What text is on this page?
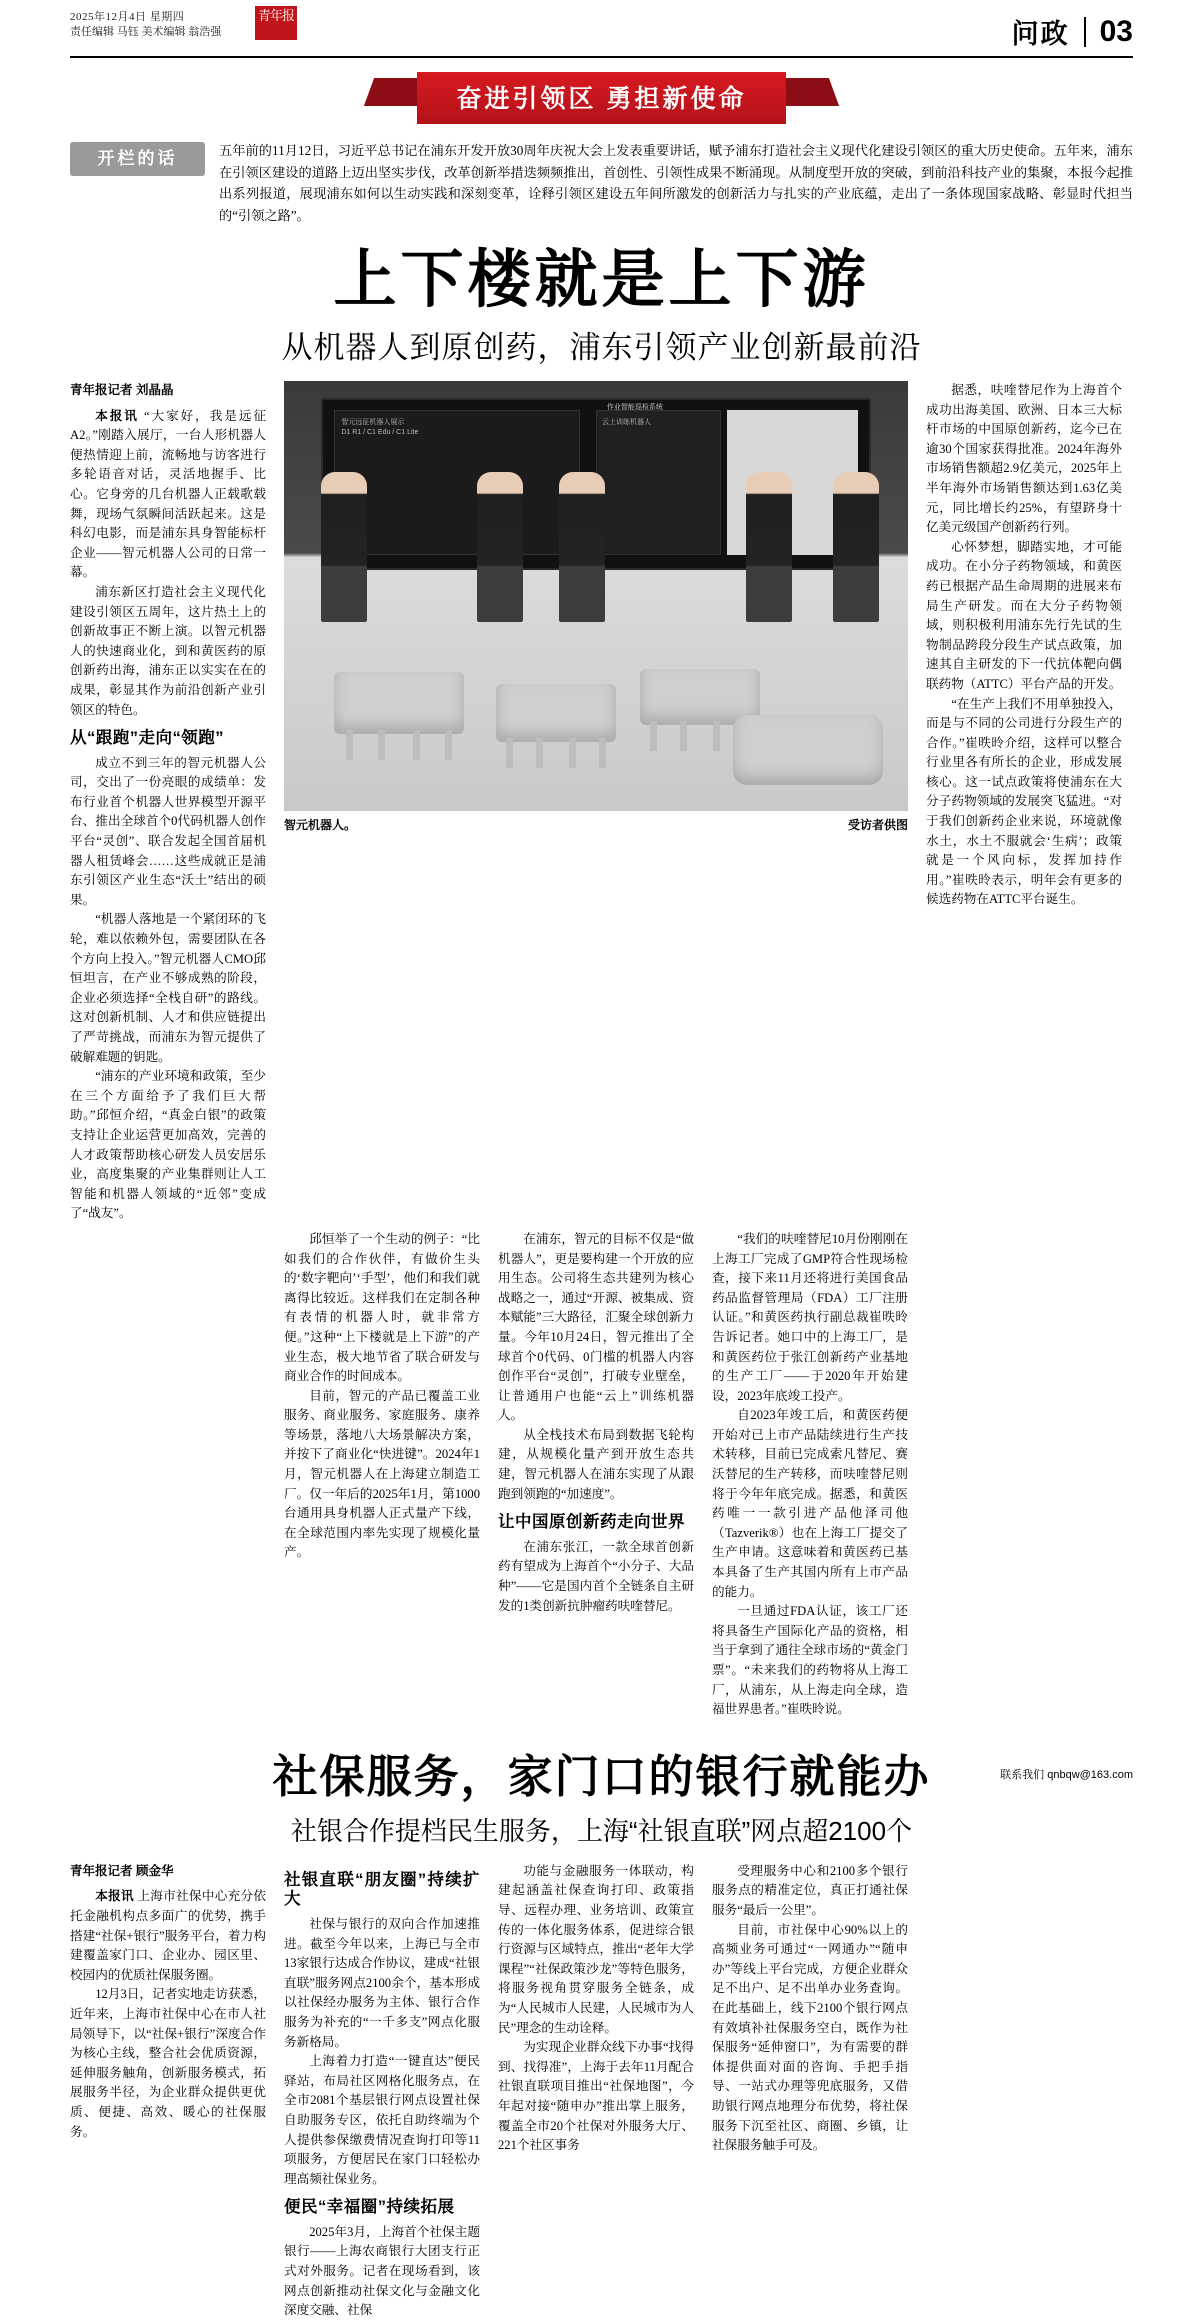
2025年12月4日 星期四
责任编辑 马钰 美术编辑 翁浩强
青年报
问政 03
奋进引领区 勇担新使命
开栏的话	五年前的11月12日，习近平总书记在浦东开发开放30周年庆祝大会上发表重要讲话，赋予浦东打造社会主义现代化建设引领区的重大历史使命。五年来，浦东在引领区建设的道路上迈出坚实步伐，改革创新举措迭频频推出，首创性、引领性成果不断涌现。从制度型开放的突破，到前沿科技产业的集聚，本报今起推出系列报道，展现浦东如何以生动实践和深刻变革，诠释引领区建设五年间所激发的创新活力与扎实的产业底蕴，走出了一条体现国家战略、彰显时代担当的“引领之路”。

上下楼就是上下游
从机器人到原创药，浦东引领产业创新最前沿
青年报记者 刘晶晶

本报讯 “大家好，我是远征A2。”刚踏入展厅，一台人形机器人便热情迎上前，流畅地与访客进行多轮语音对话，灵活地握手、比心。它身旁的几台机器人正载歌载舞，现场气氛瞬间活跃起来。这是科幻电影，而是浦东具身智能标杆企业——智元机器人公司的日常一幕。

浦东新区打造社会主义现代化建设引领区五周年，这片热土上的创新故事正不断上演。以智元机器人的快速商业化，到和黄医药的原创新药出海，浦东正以实实在在的成果，彰显其作为前沿创新产业引领区的特色。

从“跟跑”走向“领跑”

成立不到三年的智元机器人公司，交出了一份亮眼的成绩单：发布行业首个机器人世界模型开源平台、推出全球首个0代码机器人创作平台“灵创”、联合发起全国首届机器人租赁峰会……这些成就正是浦东引领区产业生态“沃土”结出的硕果。

“机器人落地是一个紧闭环的飞轮，难以依赖外包，需要团队在各个方向上投入。”智元机器人CMO邱恒坦言，在产业不够成熟的阶段，企业必须选择“全栈自研”的路线。这对创新机制、人才和供应链提出了严苛挑战，而浦东为智元提供了破解难题的钥匙。

“浦东的产业环境和政策，至少在三个方面给予了我们巨大帮助。”邱恒介绍，“真金白银”的政策支持让企业运营更加高效，完善的人才政策帮助核心研发人员安居乐业，高度集聚的产业集群则让人工智能和机器人领域的“近邻”变成了“战友”。

智元远征机器人展示
D1 R1 / C1 Edu / C1 Lite
云上训练机器人
作业智能巡检系统
智元机器人。	受访者供图

据悉，呋喹替尼作为上海首个成功出海美国、欧洲、日本三大标杆市场的中国原创新药，迄今已在逾30个国家获得批准。2024年海外市场销售额超2.9亿美元，2025年上半年海外市场销售额达到1.63亿美元，同比增长约25%，有望跻身十亿美元级国产创新药行列。

心怀梦想，脚踏实地，才可能成功。在小分子药物领域，和黄医药已根据产品生命周期的进展来布局生产研发。而在大分子药物领域，则积极利用浦东先行先试的生物制品跨段分段生产试点政策，加速其自主研发的下一代抗体靶向偶联药物（ATTC）平台产品的开发。

“在生产上我们不用单独投入，而是与不同的公司进行分段生产的合作。”崔昳昤介绍，这样可以整合行业里各有所长的企业，形成发展核心。这一试点政策将使浦东在大分子药物领域的发展突飞猛进。“对于我们创新药企业来说，环境就像水土，水土不服就会‘生病’；政策就是一个风向标，发挥加持作用。”崔昳昤表示，明年会有更多的候选药物在ATTC平台诞生。

邱恒举了一个生动的例子：“比如我们的合作伙伴，有做价生头的‘数字靶向’‘手型’，他们和我们就离得比较近。这样我们在定制各种有表情的机器人时，就非常方便。”这种“上下楼就是上下游”的产业生态，极大地节省了联合研发与商业合作的时间成本。

目前，智元的产品已覆盖工业服务、商业服务、家庭服务、康养等场景，落地八大场景解决方案，并按下了商业化“快进键”。2024年1月，智元机器人在上海建立制造工厂。仅一年后的2025年1月，第1000台通用具身机器人正式量产下线，在全球范围内率先实现了规模化量产。

在浦东，智元的目标不仅是“做机器人”，更是要构建一个开放的应用生态。公司将生态共建列为核心战略之一，通过“开源、被集成、资本赋能”三大路径，汇聚全球创新力量。今年10月24日，智元推出了全球首个0代码、0门槛的机器人内容创作平台“灵创”，打破专业壁垒，让普通用户也能“云上”训练机器人。

从全栈技术布局到数据飞轮构建，从规模化量产到开放生态共建，智元机器人在浦东实现了从跟跑到领跑的“加速度”。

让中国原创新药走向世界

在浦东张江，一款全球首创新药有望成为上海首个“小分子、大品种”——它是国内首个全链条自主研发的1类创新抗肿瘤药呋喹替尼。

“我们的呋喹替尼10月份刚刚在上海工厂完成了GMP符合性现场检查，接下来11月还将进行美国食品药品监督管理局（FDA）工厂注册认证。”和黄医药执行副总裁崔昳昤告诉记者。她口中的上海工厂，是和黄医药位于张江创新药产业基地的生产工厂——于2020年开始建设，2023年底竣工投产。

自2023年竣工后，和黄医药便开始对已上市产品陆续进行生产技术转移，目前已完成索凡替尼、赛沃替尼的生产转移，而呋喹替尼则将于今年年底完成。据悉，和黄医药唯一一款引进产品他泽司他（Tazverik®）也在上海工厂提交了生产申请。这意味着和黄医药已基本具备了生产其国内所有上市产品的能力。

一旦通过FDA认证，该工厂还将具备生产国际化产品的资格，相当于拿到了通往全球市场的“黄金门票”。“未来我们的药物将从上海工厂，从浦东，从上海走向全球，造福世界患者。”崔昳昤说。

社保服务，家门口的银行就能办
社银合作提档民生服务，上海“社银直联”网点超2100个
青年报记者 顾金华

本报讯 上海市社保中心充分依托金融机构点多面广的优势，携手搭建“社保+银行”服务平台，着力构建覆盖家门口、企业办、园区里、校园内的优质社保服务圈。

12月3日，记者实地走访获悉，近年来，上海市社保中心在市人社局领导下，以“社保+银行”深度合作为核心主线，整合社会优质资源，延伸服务触角，创新服务模式，拓展服务半径，为企业群众提供更优质、便捷、高效、暖心的社保服务。

社银直联“朋友圈”持续扩大

社保与银行的双向合作加速推进。截至今年以来，上海已与全市13家银行达成合作协议，建成“社银直联”服务网点2100余个，基本形成以社保经办服务为主体、银行合作服务为补充的“一千多支”网点化服务新格局。

上海着力打造“一键直达”便民驿站，布局社区网格化服务点，在全市2081个基层银行网点设置社保自助服务专区，依托自助终端为个人提供参保缴费情况查询打印等11项服务，方便居民在家门口轻松办理高频社保业务。

便民“幸福圈”持续拓展

2025年3月，上海首个社保主题银行——上海农商银行大团支行正式对外服务。记者在现场看到，该网点创新推动社保文化与金融文化深度交融、社保

功能与金融服务一体联动，构建起涵盖社保查询打印、政策指导、远程办理、业务培训、政策宣传的一体化服务体系，促进综合银行资源与区域特点，推出“老年大学课程”“社保政策沙龙”等特色服务，将服务视角贯穿服务全链条，成为“人民城市人民建，人民城市为人民”理念的生动诠释。

为实现企业群众线下办事“找得到、找得准”，上海于去年11月配合社银直联项目推出“社保地图”，今年起对接“随申办”推出掌上服务，覆盖全市20个社保对外服务大厅、221个社区事务

受理服务中心和2100多个银行服务点的精准定位，真正打通社保服务“最后一公里”。

目前，市社保中心90%以上的高频业务可通过“一网通办”“随申办”等线上平台完成，方便企业群众足不出户、足不出单办业务查询。在此基础上，线下2100个银行网点有效填补社保服务空白，既作为社保服务“延伸窗口”，为有需要的群体提供面对面的咨询、手把手指导、一站式办理等兜底服务，又借助银行网点地理分布优势，将社保服务下沉至社区、商圈、乡镇，让社保服务触手可及。

联系我们 qnbqw@163.com
